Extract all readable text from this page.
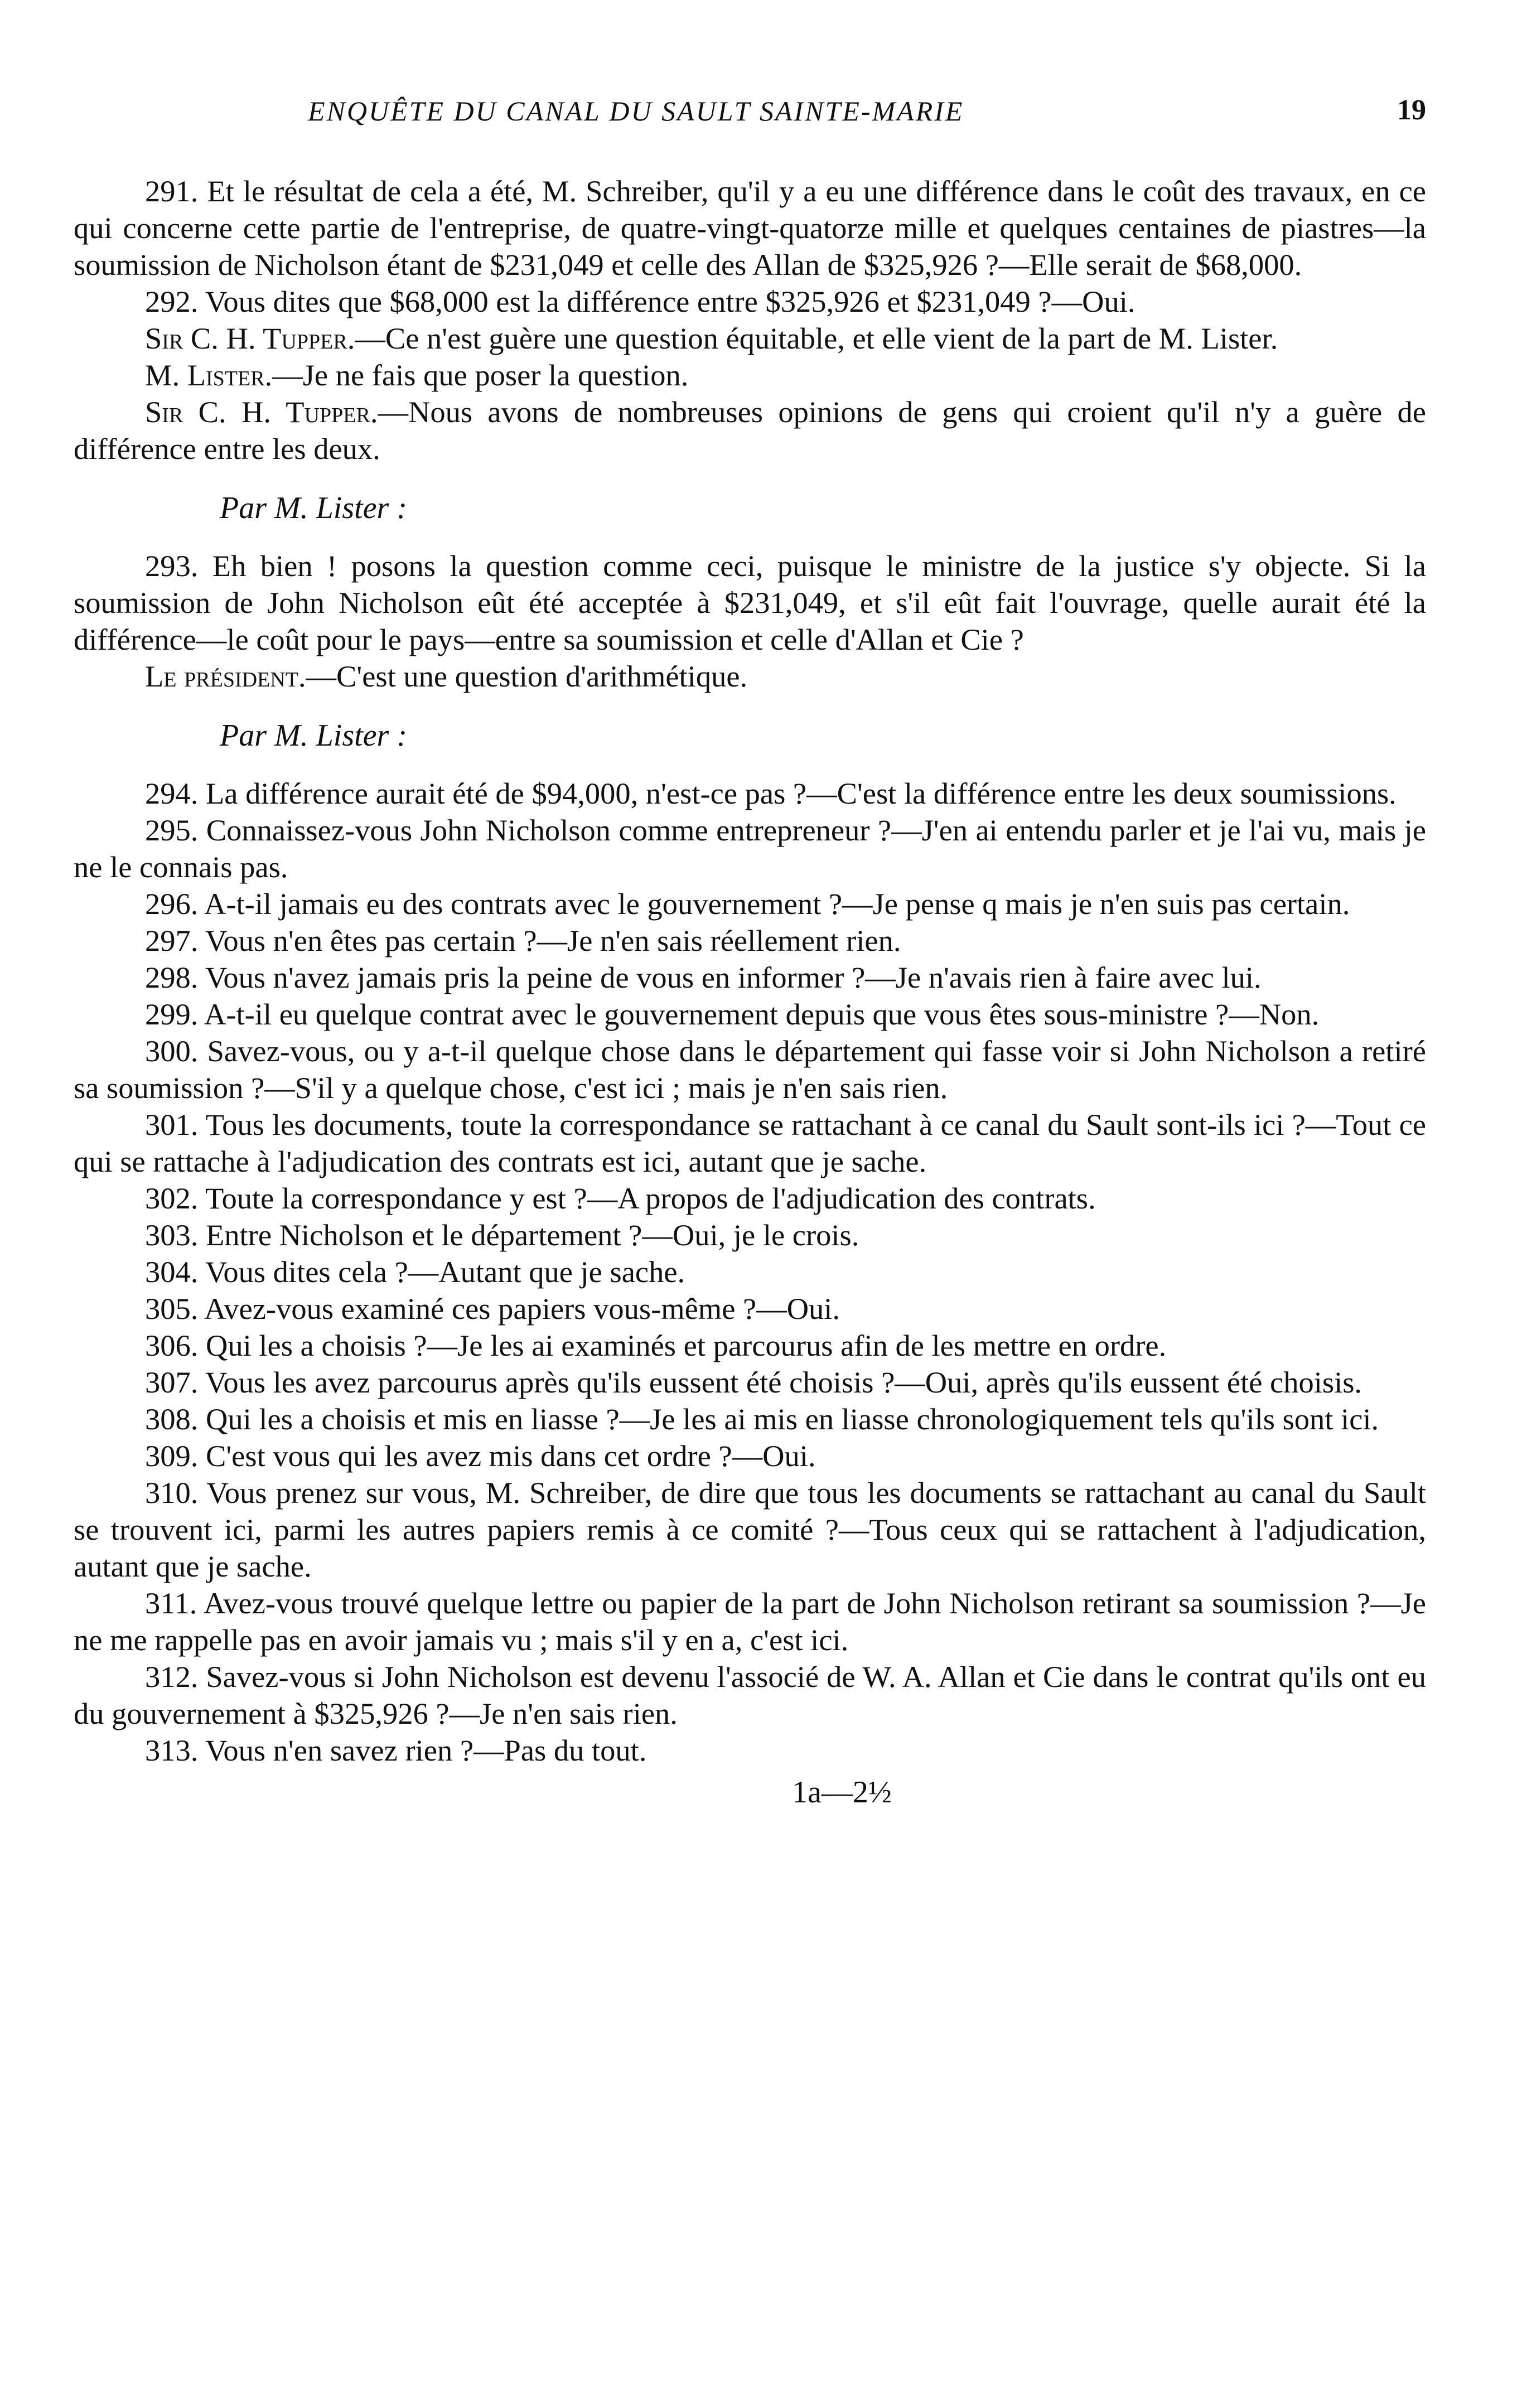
ENQUÊTE DU CANAL DU SAULT SAINTE-MARIE	19

291. Et le résultat de cela a été, M. Schreiber, qu'il y a eu une différence dans le coût des travaux, en ce qui concerne cette partie de l'entreprise, de quatre-vingt-quatorze mille et quelques centaines de piastres—la soumission de Nicholson étant de $231,049 et celle des Allan de $325,926 ?—Elle serait de $68,000.

292. Vous dites que $68,000 est la différence entre $325,926 et $231,049 ?—Oui.

Sir C. H. Tupper.—Ce n'est guère une question équitable, et elle vient de la part de M. Lister.

M. Lister.—Je ne fais que poser la question.

Sir C. H. Tupper.—Nous avons de nombreuses opinions de gens qui croient qu'il n'y a guère de différence entre les deux.

Par M. Lister :

293. Eh bien ! posons la question comme ceci, puisque le ministre de la justice s'y objecte. Si la soumission de John Nicholson eût été acceptée à $231,049, et s'il eût fait l'ouvrage, quelle aurait été la différence—le coût pour le pays—entre sa soumission et celle d'Allan et Cie ?

Le président.—C'est une question d'arithmétique.

Par M. Lister :

294. La différence aurait été de $94,000, n'est-ce pas ?—C'est la différence entre les deux soumissions.

295. Connaissez-vous John Nicholson comme entrepreneur ?—J'en ai entendu parler et je l'ai vu, mais je ne le connais pas.

296. A-t-il jamais eu des contrats avec le gouvernement ?—Je pense q mais je n'en suis pas certain.

297. Vous n'en êtes pas certain ?—Je n'en sais réellement rien.

298. Vous n'avez jamais pris la peine de vous en informer ?—Je n'avais rien à faire avec lui.

299. A-t-il eu quelque contrat avec le gouvernement depuis que vous êtes sous-ministre ?—Non.

300. Savez-vous, ou y a-t-il quelque chose dans le département qui fasse voir si John Nicholson a retiré sa soumission ?—S'il y a quelque chose, c'est ici ; mais je n'en sais rien.

301. Tous les documents, toute la correspondance se rattachant à ce canal du Sault sont-ils ici ?—Tout ce qui se rattache à l'adjudication des contrats est ici, autant que je sache.

302. Toute la correspondance y est ?—A propos de l'adjudication des contrats.

303. Entre Nicholson et le département ?—Oui, je le crois.

304. Vous dites cela ?—Autant que je sache.

305. Avez-vous examiné ces papiers vous-même ?—Oui.

306. Qui les a choisis ?—Je les ai examinés et parcourus afin de les mettre en ordre.

307. Vous les avez parcourus après qu'ils eussent été choisis ?—Oui, après qu'ils eussent été choisis.

308. Qui les a choisis et mis en liasse ?—Je les ai mis en liasse chronologiquement tels qu'ils sont ici.

309. C'est vous qui les avez mis dans cet ordre ?—Oui.

310. Vous prenez sur vous, M. Schreiber, de dire que tous les documents se rattachant au canal du Sault se trouvent ici, parmi les autres papiers remis à ce comité ?—Tous ceux qui se rattachent à l'adjudication, autant que je sache.

311. Avez-vous trouvé quelque lettre ou papier de la part de John Nicholson retirant sa soumission ?—Je ne me rappelle pas en avoir jamais vu ; mais s'il y en a, c'est ici.

312. Savez-vous si John Nicholson est devenu l'associé de W. A. Allan et Cie dans le contrat qu'ils ont eu du gouvernement à $325,926 ?—Je n'en sais rien.

313. Vous n'en savez rien ?—Pas du tout.

1a—2½
